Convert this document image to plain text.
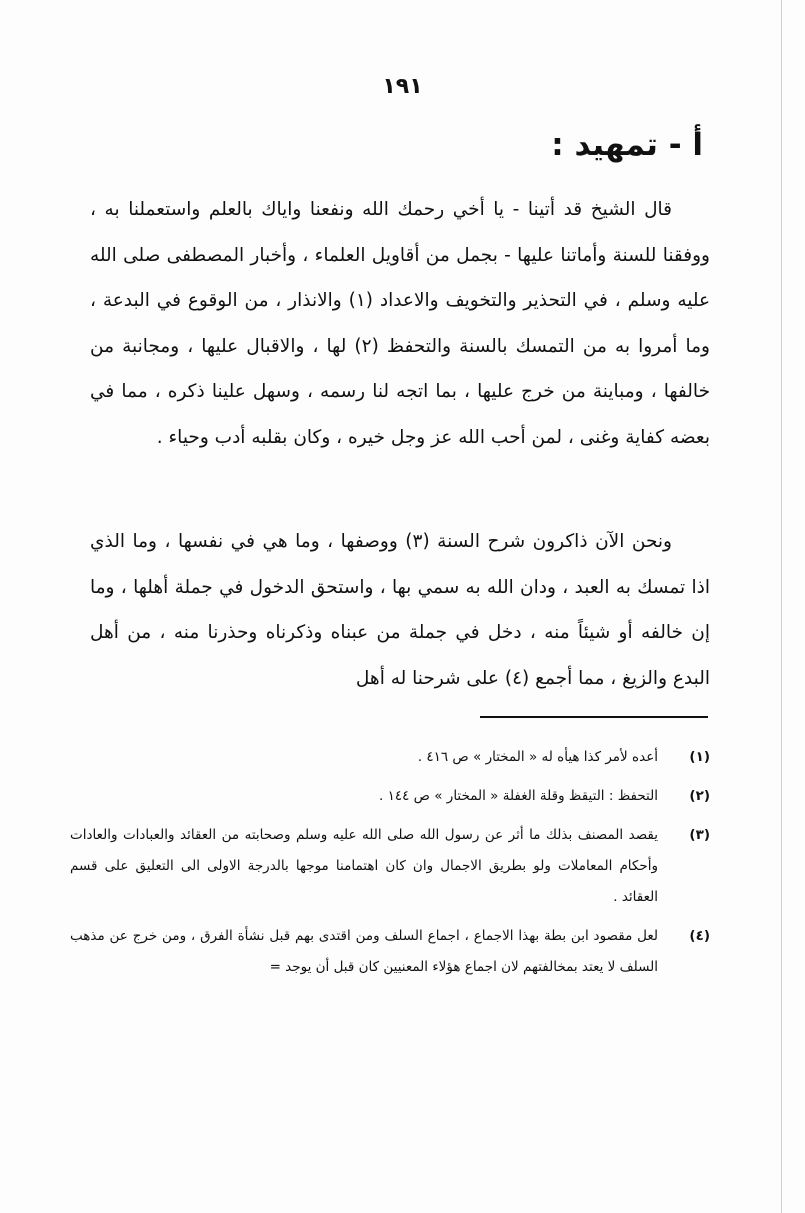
١٩١
أ - تمهيد :

قال الشيخ قد أتينا - يا أخي رحمك الله ونفعنا واياك بالعلم واستعملنا به ، ووفقنا للسنة وأماتنا عليها - بجمل من أقاويل العلماء ، وأخبار المصطفى صلى الله عليه وسلم ، في التحذير والتخويف والاعداد (١) والانذار ، من الوقوع في البدعة ، وما أمروا به من التمسك بالسنة والتحفظ (٢) لها ، والاقبال عليها ، ومجانبة من خالفها ، ومباينة من خرج عليها ، بما اتجه لنا رسمه ، وسهل علينا ذكره ، مما في بعضه كفاية وغنى ، لمن أحب الله عز وجل خيره ، وكان بقلبه أدب وحياء .

ونحن الآن ذاكرون شرح السنة (٣) ووصفها ، وما هي في نفسها ، وما الذي اذا تمسك به العبد ، ودان الله به سمي بها ، واستحق الدخول في جملة أهلها ، وما إن خالفه أو شيئاً منه ، دخل في جملة من عبناه وذكرناه وحذرنا منه ، من أهل البدع والزيغ ، مما أجمع (٤) على شرحنا له أهل

(١)
أعده لأمر كذا هيأه له « المختار » ص ٤١٦ .
(٢)
التحفظ : التيقظ وقلة الغفلة « المختار » ص ١٤٤ .
(٣)
يقصد المصنف بذلك ما أثر عن رسول الله صلى الله عليه وسلم وصحابته من العقائد والعبادات والعادات وأحكام المعاملات ولو بطريق الاجمال وان كان اهتمامنا موجها بالدرجة الاولى الى التعليق على قسم العقائد .
(٤)
لعل مقصود ابن بطة بهذا الاجماع ، اجماع السلف ومن اقتدى بهم قبل نشأة الفرق ، ومن خرج عن مذهب السلف لا يعتد بمخالفتهم لان اجماع هؤلاء المعنيين كان قبل أن يوجد =
